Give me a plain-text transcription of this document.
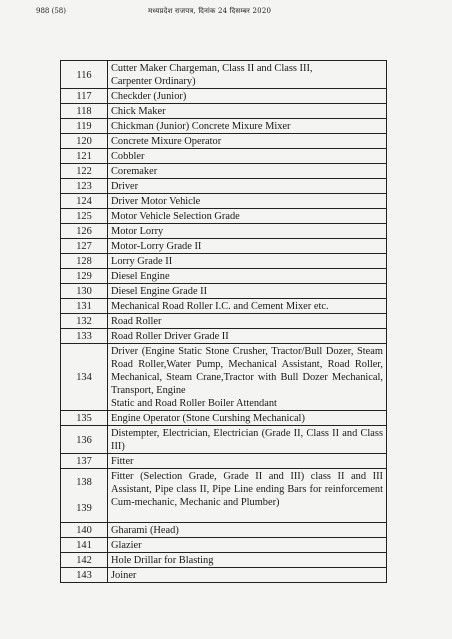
988 (58)	मध्यप्रदेश राजपत्र, दिनांक 24 दिसम्बर 2020
116	Cutter Maker Chargeman, Class II and Class III,
Carpenter Ordinary)

117	Checkder (Junior)

118	Chick Maker

119	Chickman (Junior) Concrete Mixure Mixer

120	Concrete Mixure Operator

121	Cobbler

122	Coremaker

123	Driver

124	Driver Motor Vehicle

125	Motor Vehicle Selection Grade

126	Motor Lorry

127	Motor-Lorry Grade II

128	Lorry Grade II

129	Diesel Engine

130	Diesel Engine Grade II

131	Mechanical Road Roller I.C. and Cement Mixer etc.

132	Road Roller

133	Road Roller Driver Grade II

134	Driver (Engine Static Stone Crusher, Tractor/Bull Dozer, Steam Road Roller,Water Pump, Mechanical Assistant, Road Roller, Mechanical, Steam Crane,Tractor with Bull Dozer Mechanical, Transport, Engine
Static and Road Roller Boiler Attendant

135	Engine Operator (Stone Curshing Mechanical)

136	Distempter, Electrician, Electrician (Grade II, Class II and Class III)

137	Fitter

138
139	Fitter (Selection Grade, Grade II and III) class II and III Assistant, Pipe class II, Pipe Line ending Bars for reinforcement Cum-mechanic, Mechanic and Plumber)

140	Gharami (Head)

141	Glazier

142	Hole Drillar for Blasting

143	Joiner
